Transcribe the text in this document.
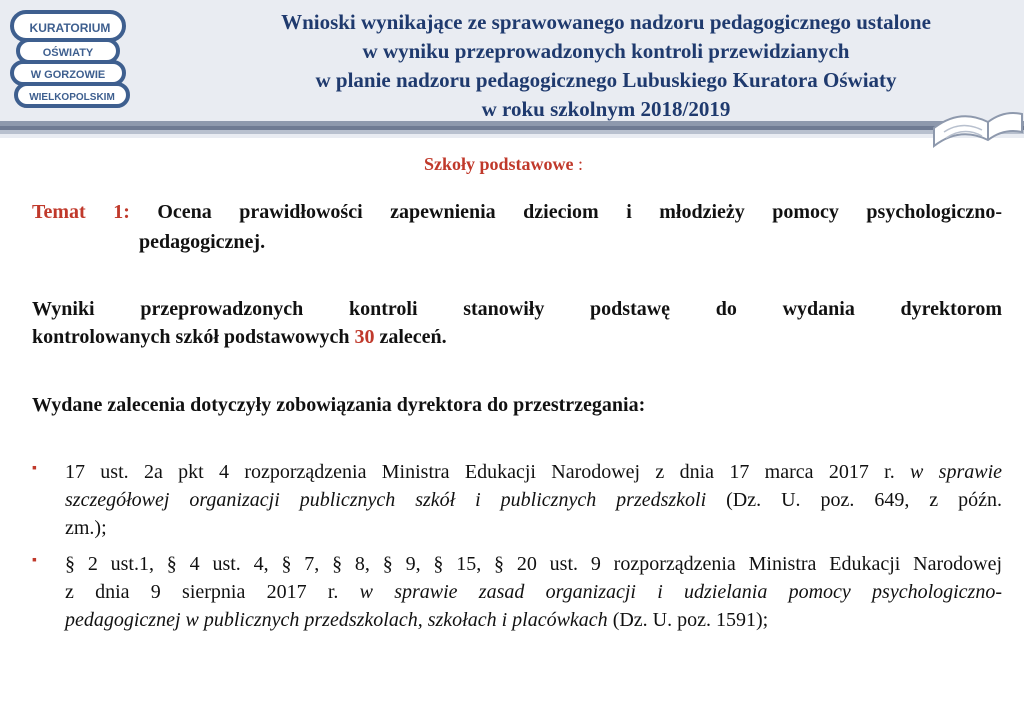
KURATORIUM
OŚWIATY
W GORZOWIE
WIELKOPOLSKIM
Wnioski wynikające ze sprawowanego nadzoru pedagogicznego ustalone
w wyniku przeprowadzonych kontroli przewidzianych
w planie nadzoru pedagogicznego Lubuskiego Kuratora Oświaty
w roku szkolnym 2018/2019
Szkoły podstawowe :
Temat 1: Ocena prawidłowości zapewnienia dzieciom i młodzieży pomocy psychologiczno-
pedagogicznej.
Wyniki przeprowadzonych kontroli stanowiły podstawę do wydania dyrektorom
kontrolowanych szkół podstawowych 30 zaleceń.
Wydane zalecenia dotyczyły zobowiązania dyrektora do przestrzegania:
▪ 17 ust. 2a pkt 4 rozporządzenia Ministra Edukacji Narodowej z dnia 17 marca 2017 r. w sprawie
szczegółowej organizacji publicznych szkół i publicznych przedszkoli (Dz. U. poz. 649, z późn.
zm.);
▪ § 2 ust.1, § 4 ust. 4, § 7, § 8, § 9, § 15, § 20 ust. 9 rozporządzenia Ministra Edukacji Narodowej
z dnia 9 sierpnia 2017 r. w sprawie zasad organizacji i udzielania pomocy psychologiczno-
pedagogicznej w publicznych przedszkolach, szkołach i placówkach (Dz. U. poz. 1591);
